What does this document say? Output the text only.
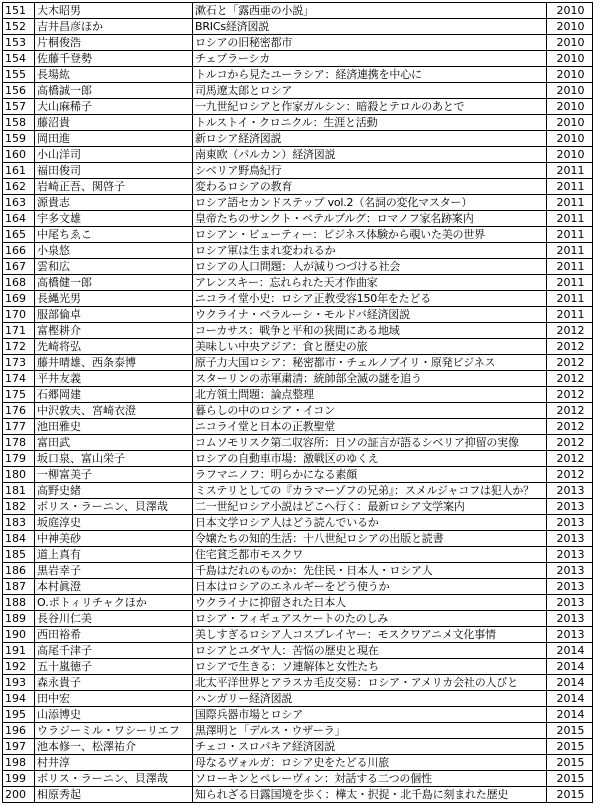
151	大木昭男	漱石と「露西亜の小説」	2010
152	吉井昌彦ほか	BRICs経済図説	2010
153	片桐俊浩	ロシアの旧秘密都市	2010
154	佐藤千登勢	チェブラーシカ	2010
155	長場紘	トルコから見たユーラシア：経済連携を中心に	2010
156	高橋誠一郎	司馬遼太郎とロシア	2010
157	大山麻稀子	一九世紀ロシアと作家ガルシン：暗殺とテロルのあとで	2010
158	藤沼貴	トルストイ・クロニクル：生涯と活動	2010
159	岡田進	新ロシア経済図説	2010
160	小山洋司	南東欧（バルカン）経済図説	2010
161	福田俊司	シベリア野鳥紀行	2011
162	岩崎正吾、関啓子	変わるロシアの教育	2011
163	源貴志	ロシア語セカンドステップ vol.2（名詞の変化マスター）	2011
164	宇多文雄	皇帝たちのサンクト・ペテルブルグ：ロマノフ家名跡案内	2011
165	中尾ちゑこ	ロシアン・ビューティー：ビジネス体験から覗いた美の世界	2011
166	小泉悠	ロシア軍は生まれ変われるか	2011
167	雲和広	ロシアの人口問題：人が減りつづける社会	2011
168	高橋健一郎	アレンスキー：忘れられた天才作曲家	2011
169	長縄光男	ニコライ堂小史：ロシア正教受容150年をたどる	2011
170	服部倫卓	ウクライナ・ベラルーシ・モルドバ経済図説	2011
171	富樫耕介	コーカサス：戦争と平和の狭間にある地域	2012
172	先崎将弘	美味しい中央アジア：食と歴史の旅	2012
173	藤井晴雄、西条泰博	原子力大国ロシア：秘密都市・チェルノブイリ・原発ビジネス	2012
174	平井友義	スターリンの赤軍粛清：統帥部全滅の謎を追う	2012
175	石郷岡建	北方領土問題：論点整理	2012
176	中沢敦夫、宮崎衣澄	暮らしの中のロシア・イコン	2012
177	池田雅史	ニコライ堂と日本の正教聖堂	2012
178	富田武	コムソモリスク第二収容所：日ソの証言が語るシベリア抑留の実像	2012
179	坂口泉、富山栄子	ロシアの自動車市場：激戦区のゆくえ	2012
180	一柳富美子	ラフマニノフ：明らかになる素顔	2012
181	高野史緒	ミステリとしての『カラマーゾフの兄弟』：スメルジャコフは犯人か？	2013
182	ボリス・ラーニン、貝澤哉	二一世紀ロシア小説はどこへ行く：最新ロシア文学案内	2013
183	坂庭淳史	日本文学ロシア人はどう読んでいるか	2013
184	中神美砂	令嬢たちの知的生活：十八世紀ロシアの出版と読書	2013
185	道上真有	住宅貧乏都市モスクワ	2013
186	黒岩幸子	千島はだれのものか：先住民・日本人・ロシア人	2013
187	本村眞澄	日本はロシアのエネルギーをどう使うか	2013
188	O.ポトィリチャクほか	ウクライナに抑留された日本人	2013
189	長谷川仁美	ロシア・フィギュアスケートのたのしみ	2013
190	西田裕希	美しすぎるロシア人コスプレイヤー：モスクワアニメ文化事情	2013
191	高尾千津子	ロシアとユダヤ人：苦悩の歴史と現在	2014
192	五十嵐徳子	ロシアで生きる：ソ連解体と女性たち	2014
193	森永貴子	北太平洋世界とアラスカ毛皮交易：ロシア・アメリカ会社の人びと	2014
194	田中宏	ハンガリー経済図説	2014
195	山添博史	国際兵器市場とロシア	2014
196	ウラジーミル・ワシーリエフ	黒澤明と「デルス・ウザーラ」	2015
197	池本修一、松澤祐介	チェコ・スロバキア経済図説	2015
198	村井淳	母なるヴォルガ：ロシア史をたどる川旅	2015
199	ボリス・ラーニン、貝澤哉	ソローキンとペレーヴィン：対話する二つの個性	2015
200	相原秀起	知られざる日露国境を歩く：樺太・択捉・北千島に刻まれた歴史	2015
